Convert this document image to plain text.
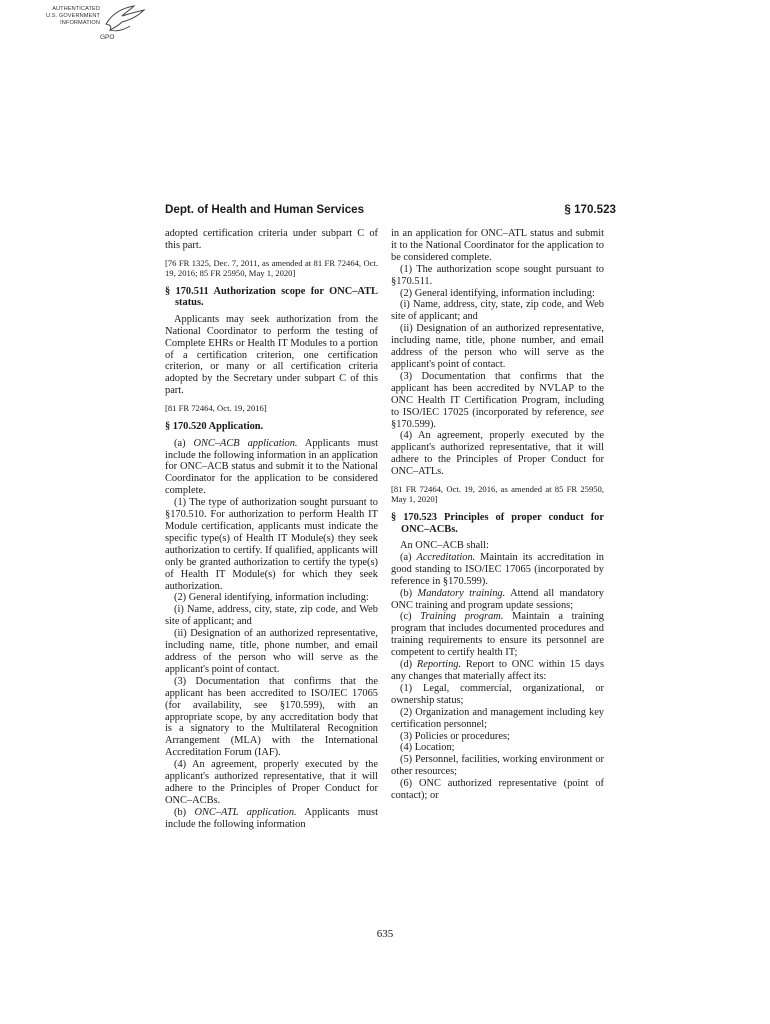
AUTHENTICATED
U.S. GOVERNMENT
INFORMATION
GPO
Dept. of Health and Human Services	§ 170.523

adopted certification criteria under subpart C of this part.

[76 FR 1325, Dec. 7, 2011, as amended at 81 FR 72464, Oct. 19, 2016; 85 FR 25950, May 1, 2020]

§ 170.511 Authorization scope for ONC–ATL status.

Applicants may seek authorization from the National Coordinator to perform the testing of Complete EHRs or Health IT Modules to a portion of a certification criterion, one certification criterion, or many or all certification criteria adopted by the Secretary under subpart C of this part.

[81 FR 72464, Oct. 19, 2016]

§ 170.520 Application.

(a) ONC–ACB application. Applicants must include the following information in an application for ONC–ACB status and submit it to the National Coordinator for the application to be considered complete.

(1) The type of authorization sought pursuant to §170.510. For authorization to perform Health IT Module certification, applicants must indicate the specific type(s) of Health IT Module(s) they seek authorization to certify. If qualified, applicants will only be granted authorization to certify the type(s) of Health IT Module(s) for which they seek authorization.

(2) General identifying, information including:

(i) Name, address, city, state, zip code, and Web site of applicant; and

(ii) Designation of an authorized representative, including name, title, phone number, and email address of the person who will serve as the applicant's point of contact.

(3) Documentation that confirms that the applicant has been accredited to ISO/IEC 17065 (for availability, see §170.599), with an appropriate scope, by any accreditation body that is a signatory to the Multilateral Recognition Arrangement (MLA) with the International Accreditation Forum (IAF).

(4) An agreement, properly executed by the applicant's authorized representative, that it will adhere to the Principles of Proper Conduct for ONC–ACBs.

(b) ONC–ATL application. Applicants must include the following information

in an application for ONC–ATL status and submit it to the National Coordinator for the application to be considered complete.

(1) The authorization scope sought pursuant to §170.511.

(2) General identifying, information including:

(i) Name, address, city, state, zip code, and Web site of applicant; and

(ii) Designation of an authorized representative, including name, title, phone number, and email address of the person who will serve as the applicant's point of contact.

(3) Documentation that confirms that the applicant has been accredited by NVLAP to the ONC Health IT Certification Program, including to ISO/IEC 17025 (incorporated by reference, see §170.599).

(4) An agreement, properly executed by the applicant's authorized representative, that it will adhere to the Principles of Proper Conduct for ONC–ATLs.

[81 FR 72464, Oct. 19, 2016, as amended at 85 FR 25950, May 1, 2020]

§ 170.523 Principles of proper conduct for ONC–ACBs.

An ONC–ACB shall:

(a) Accreditation. Maintain its accreditation in good standing to ISO/IEC 17065 (incorporated by reference in §170.599).

(b) Mandatory training. Attend all mandatory ONC training and program update sessions;

(c) Training program. Maintain a training program that includes documented procedures and training requirements to ensure its personnel are competent to certify health IT;

(d) Reporting. Report to ONC within 15 days any changes that materially affect its:

(1) Legal, commercial, organizational, or ownership status;

(2) Organization and management including key certification personnel;

(3) Policies or procedures;

(4) Location;

(5) Personnel, facilities, working environment or other resources;

(6) ONC authorized representative (point of contact); or

635
